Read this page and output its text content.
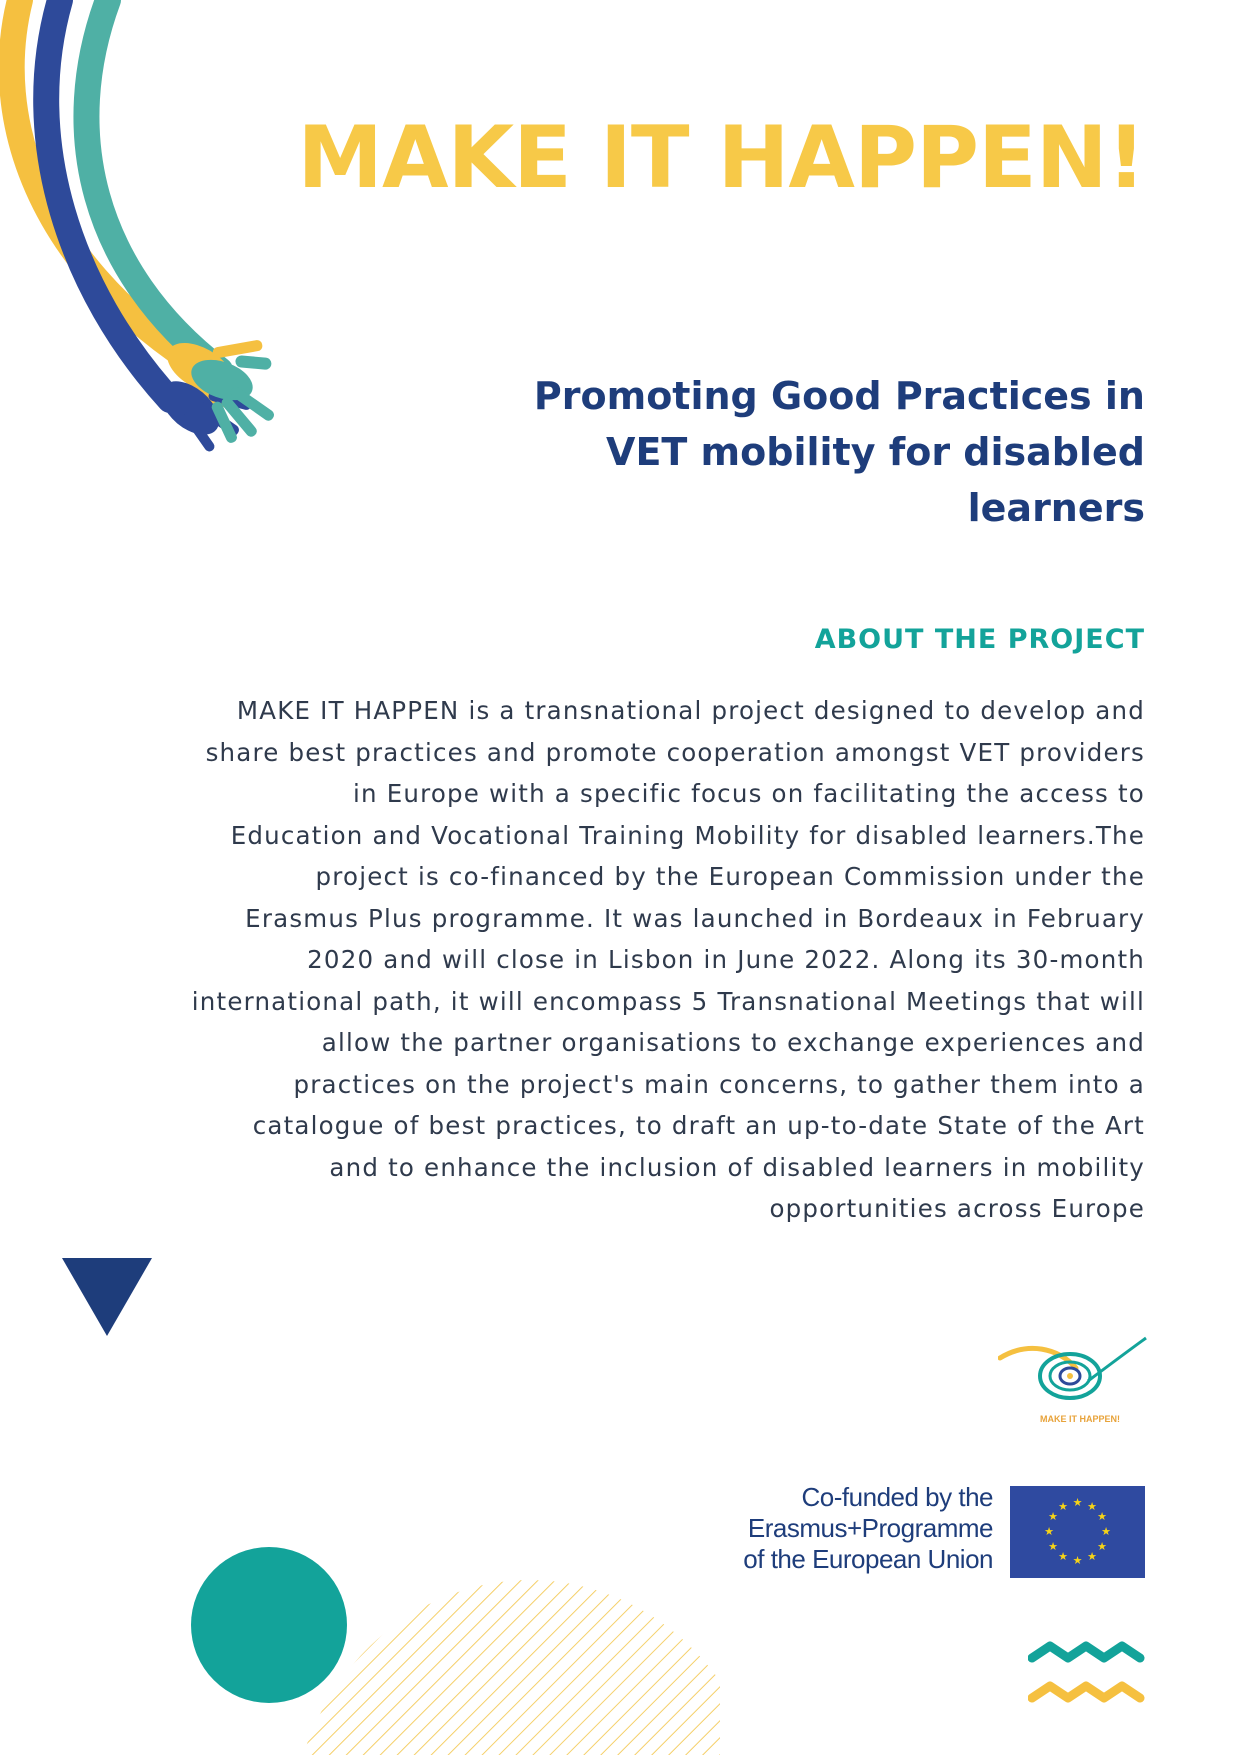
MAKE IT HAPPEN!
Promoting Good Practices in
VET mobility for disabled
learners
ABOUT THE PROJECT

MAKE IT HAPPEN is a transnational project designed to develop and
share best practices and promote cooperation amongst VET providers
in Europe with a specific focus on facilitating the access to
Education and Vocational Training Mobility for disabled learners.The
project is co-financed by the European Commission under the
Erasmus Plus programme. It was launched in Bordeaux in February
2020 and will close in Lisbon in June 2022. Along its 30-month
international path, it will encompass 5 Transnational Meetings that will
allow the partner organisations to exchange experiences and
practices on the project's main concerns, to gather them into a
catalogue of best practices, to draft an up-to-date State of the Art
and to enhance the inclusion of disabled learners in mobility
opportunities across Europe

MAKE IT HAPPEN!
Co-funded by the
Erasmus+Programme
of the European Union
★ ★
★
★
★
★
★
★
★
★
★
★
